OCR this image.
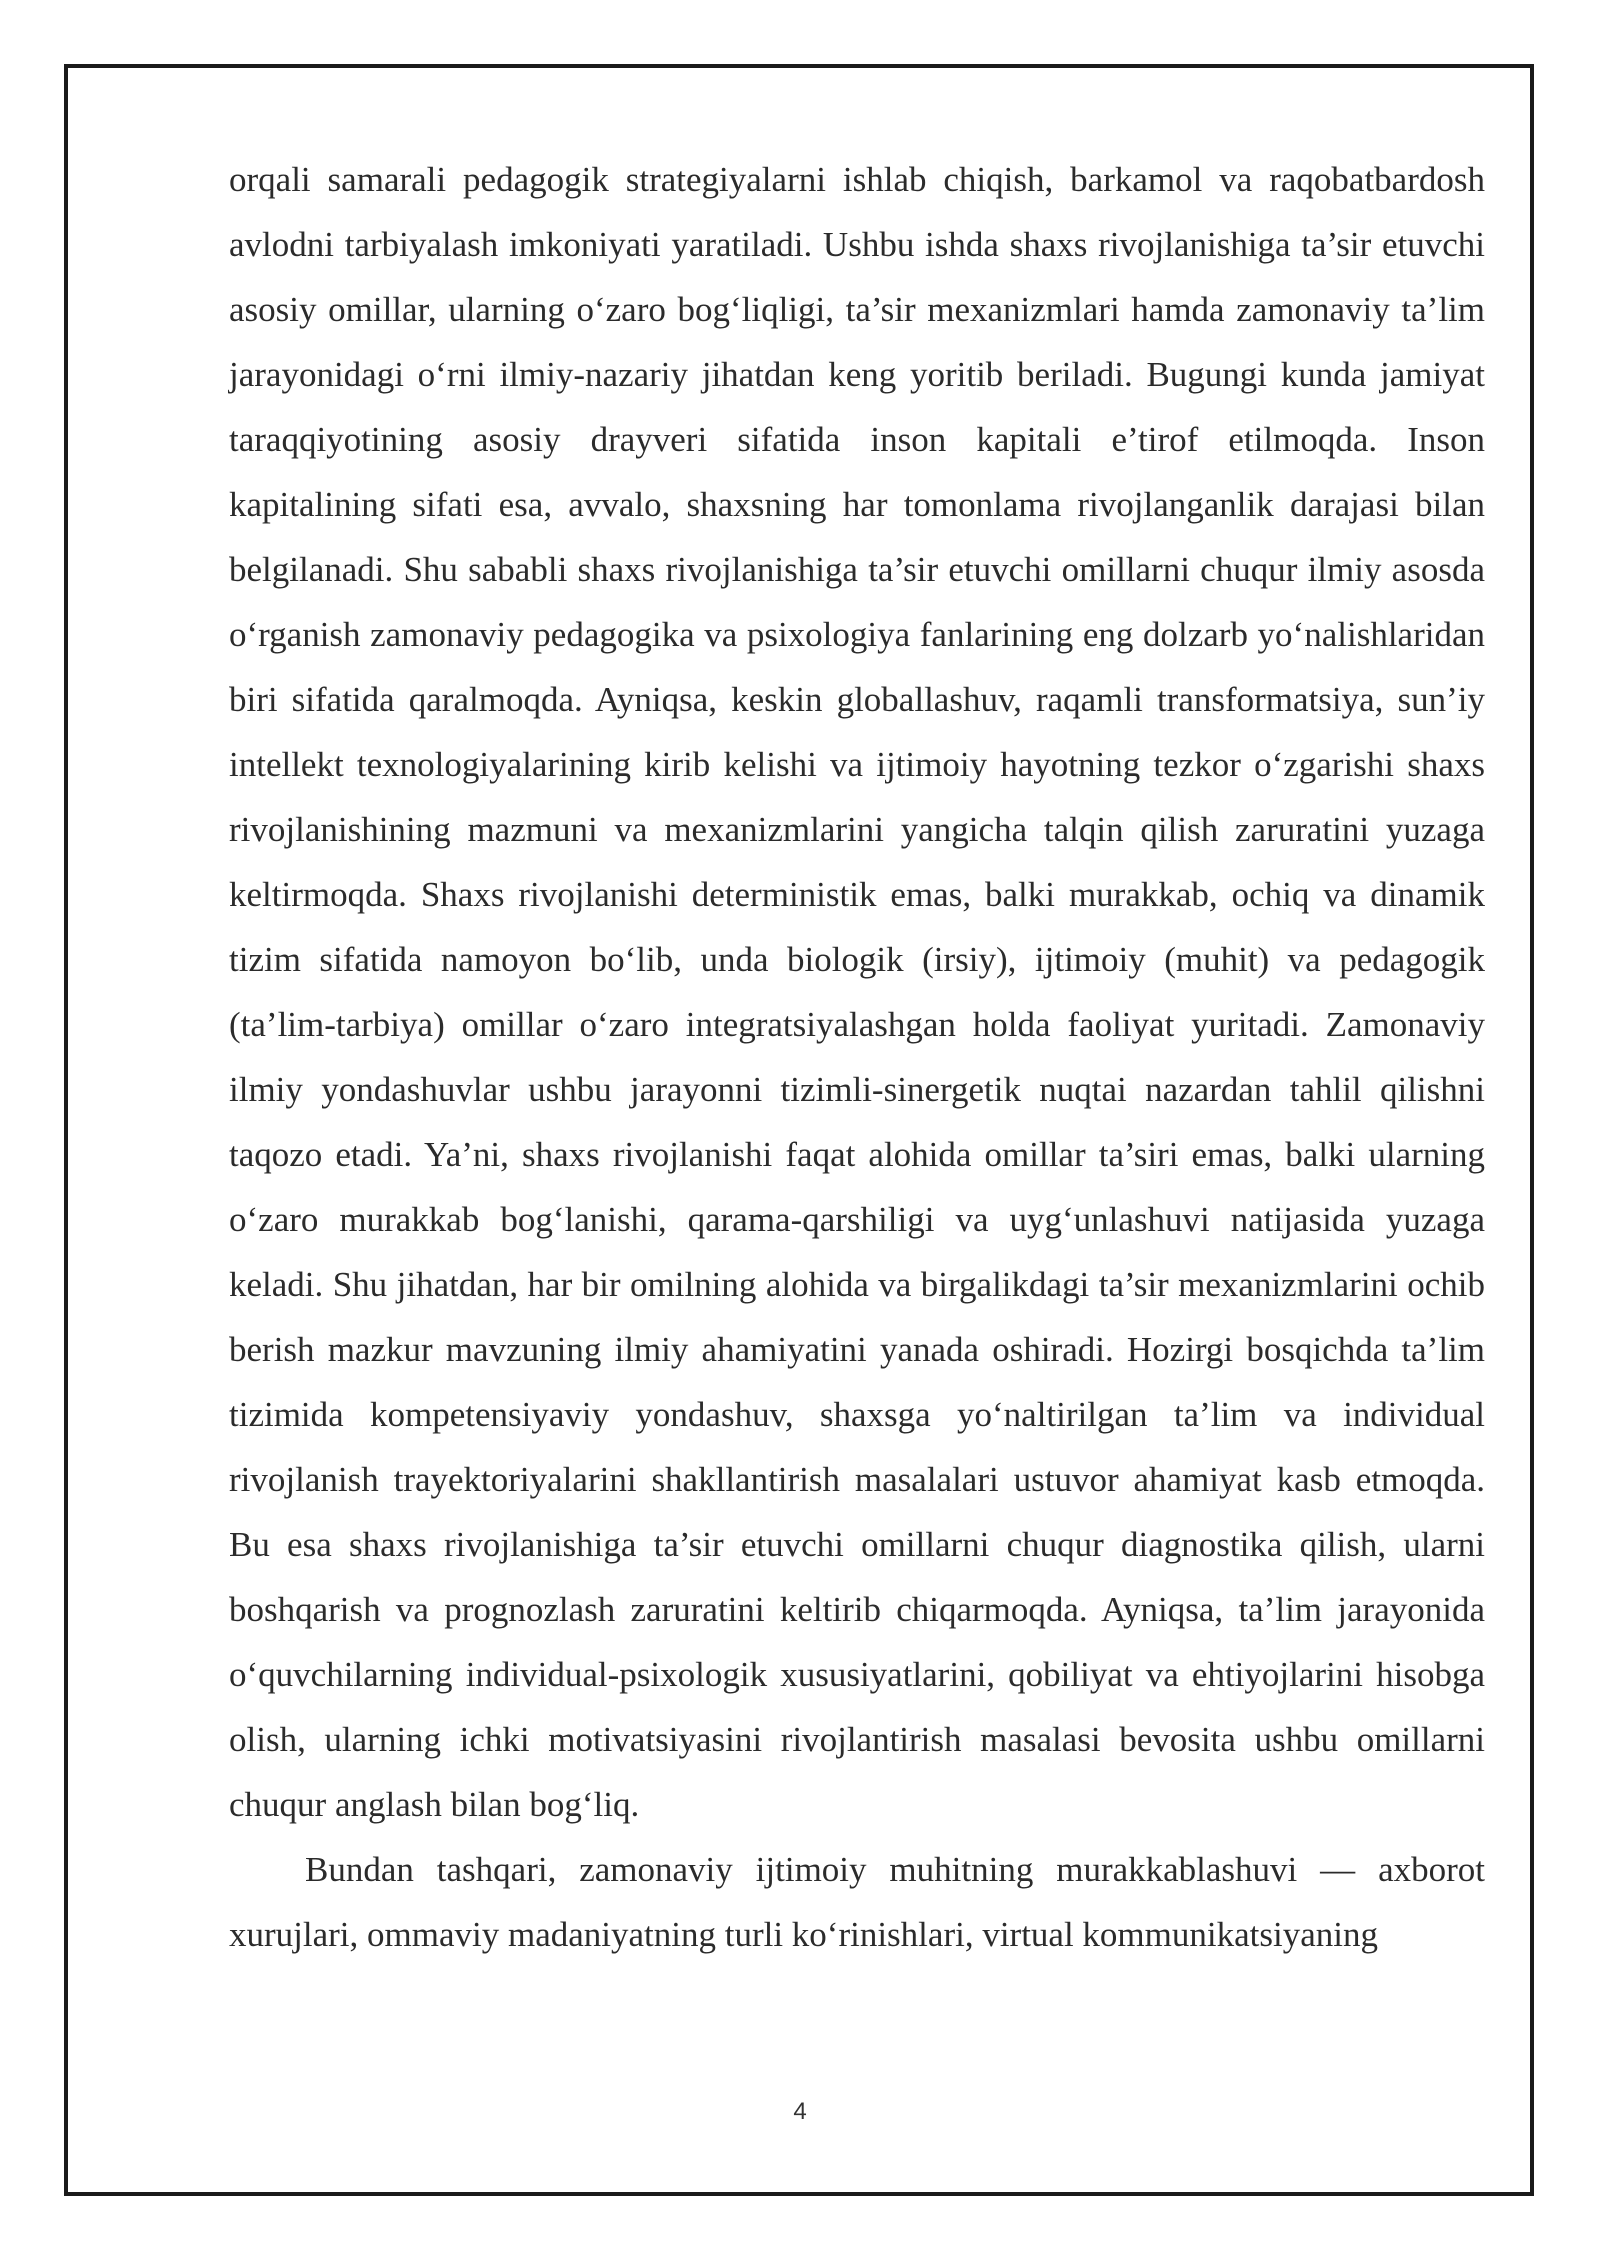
orqali samarali pedagogik strategiyalarni ishlab chiqish, barkamol va raqobatbardosh avlodni tarbiyalash imkoniyati yaratiladi. Ushbu ishda shaxs rivojlanishiga ta’sir etuvchi asosiy omillar, ularning o‘zaro bog‘liqligi, ta’sir mexanizmlari hamda zamonaviy ta’lim jarayonidagi o‘rni ilmiy-nazariy jihatdan keng yoritib beriladi. Bugungi kunda jamiyat taraqqiyotining asosiy drayveri sifatida inson kapitali e’tirof etilmoqda. Inson kapitalining sifati esa, avvalo, shaxsning har tomonlama rivojlanganlik darajasi bilan belgilanadi. Shu sababli shaxs rivojlanishiga ta’sir etuvchi omillarni chuqur ilmiy asosda o‘rganish zamonaviy pedagogika va psixologiya fanlarining eng dolzarb yo‘nalishlaridan biri sifatida qaralmoqda. Ayniqsa, keskin globallashuv, raqamli transformatsiya, sun’iy intellekt texnologiyalarining kirib kelishi va ijtimoiy hayotning tezkor o‘zgarishi shaxs rivojlanishining mazmuni va mexanizmlarini yangicha talqin qilish zaruratini yuzaga keltirmoqda. Shaxs rivojlanishi deterministik emas, balki murakkab, ochiq va dinamik tizim sifatida namoyon bo‘lib, unda biologik (irsiy), ijtimoiy (muhit) va pedagogik (ta’lim-tarbiya) omillar o‘zaro integratsiyalashgan holda faoliyat yuritadi. Zamonaviy ilmiy yondashuvlar ushbu jarayonni tizimli-sinergetik nuqtai nazardan tahlil qilishni taqozo etadi. Ya’ni, shaxs rivojlanishi faqat alohida omillar ta’siri emas, balki ularning o‘zaro murakkab bog‘lanishi, qarama-qarshiligi va uyg‘unlashuvi natijasida yuzaga keladi. Shu jihatdan, har bir omilning alohida va birgalikdagi ta’sir mexanizmlarini ochib berish mazkur mavzuning ilmiy ahamiyatini yanada oshiradi. Hozirgi bosqichda ta’lim tizimida kompetensiyaviy yondashuv, shaxsga yo‘naltirilgan ta’lim va individual rivojlanish trayektoriyalarini shakllantirish masalalari ustuvor ahamiyat kasb etmoqda. Bu esa shaxs rivojlanishiga ta’sir etuvchi omillarni chuqur diagnostika qilish, ularni boshqarish va prognozlash zaruratini keltirib chiqarmoqda. Ayniqsa, ta’lim jarayonida o‘quvchilarning individual-psixologik xususiyatlarini, qobiliyat va ehtiyojlarini hisobga olish, ularning ichki motivatsiyasini rivojlantirish masalasi bevosita ushbu omillarni chuqur anglash bilan bog‘liq.

Bundan tashqari, zamonaviy ijtimoiy muhitning murakkablashuvi — axborot xurujlari, ommaviy madaniyatning turli ko‘rinishlari, virtual kommunikatsiyaning

4
